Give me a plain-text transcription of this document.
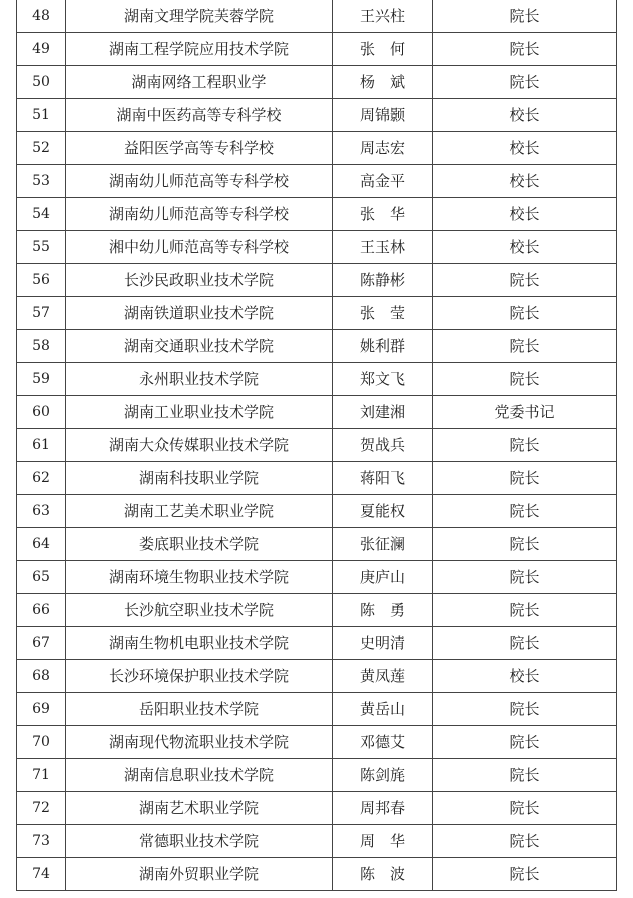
48	湖南文理学院芙蓉学院	王兴柱	院长
49	湖南工程学院应用技术学院	张　何	院长
50	湖南网络工程职业学	杨　斌	院长
51	湖南中医药高等专科学校	周锦颢	校长
52	益阳医学高等专科学校	周志宏	校长
53	湖南幼儿师范高等专科学校	高金平	校长
54	湖南幼儿师范高等专科学校	张　华	校长
55	湘中幼儿师范高等专科学校	王玉林	校长
56	长沙民政职业技术学院	陈静彬	院长
57	湖南铁道职业技术学院	张　莹	院长
58	湖南交通职业技术学院	姚利群	院长
59	永州职业技术学院	郑文飞	院长
60	湖南工业职业技术学院	刘建湘	党委书记
61	湖南大众传媒职业技术学院	贺战兵	院长
62	湖南科技职业学院	蒋阳飞	院长
63	湖南工艺美术职业学院	夏能权	院长
64	娄底职业技术学院	张征澜	院长
65	湖南环境生物职业技术学院	庚庐山	院长
66	长沙航空职业技术学院	陈　勇	院长
67	湖南生物机电职业技术学院	史明清	院长
68	长沙环境保护职业技术学院	黄凤莲	校长
69	岳阳职业技术学院	黄岳山	院长
70	湖南现代物流职业技术学院	邓德艾	院长
71	湖南信息职业技术学院	陈剑旄	院长
72	湖南艺术职业学院	周邦春	院长
73	常德职业技术学院	周　华	院长
74	湖南外贸职业学院	陈　波	院长
